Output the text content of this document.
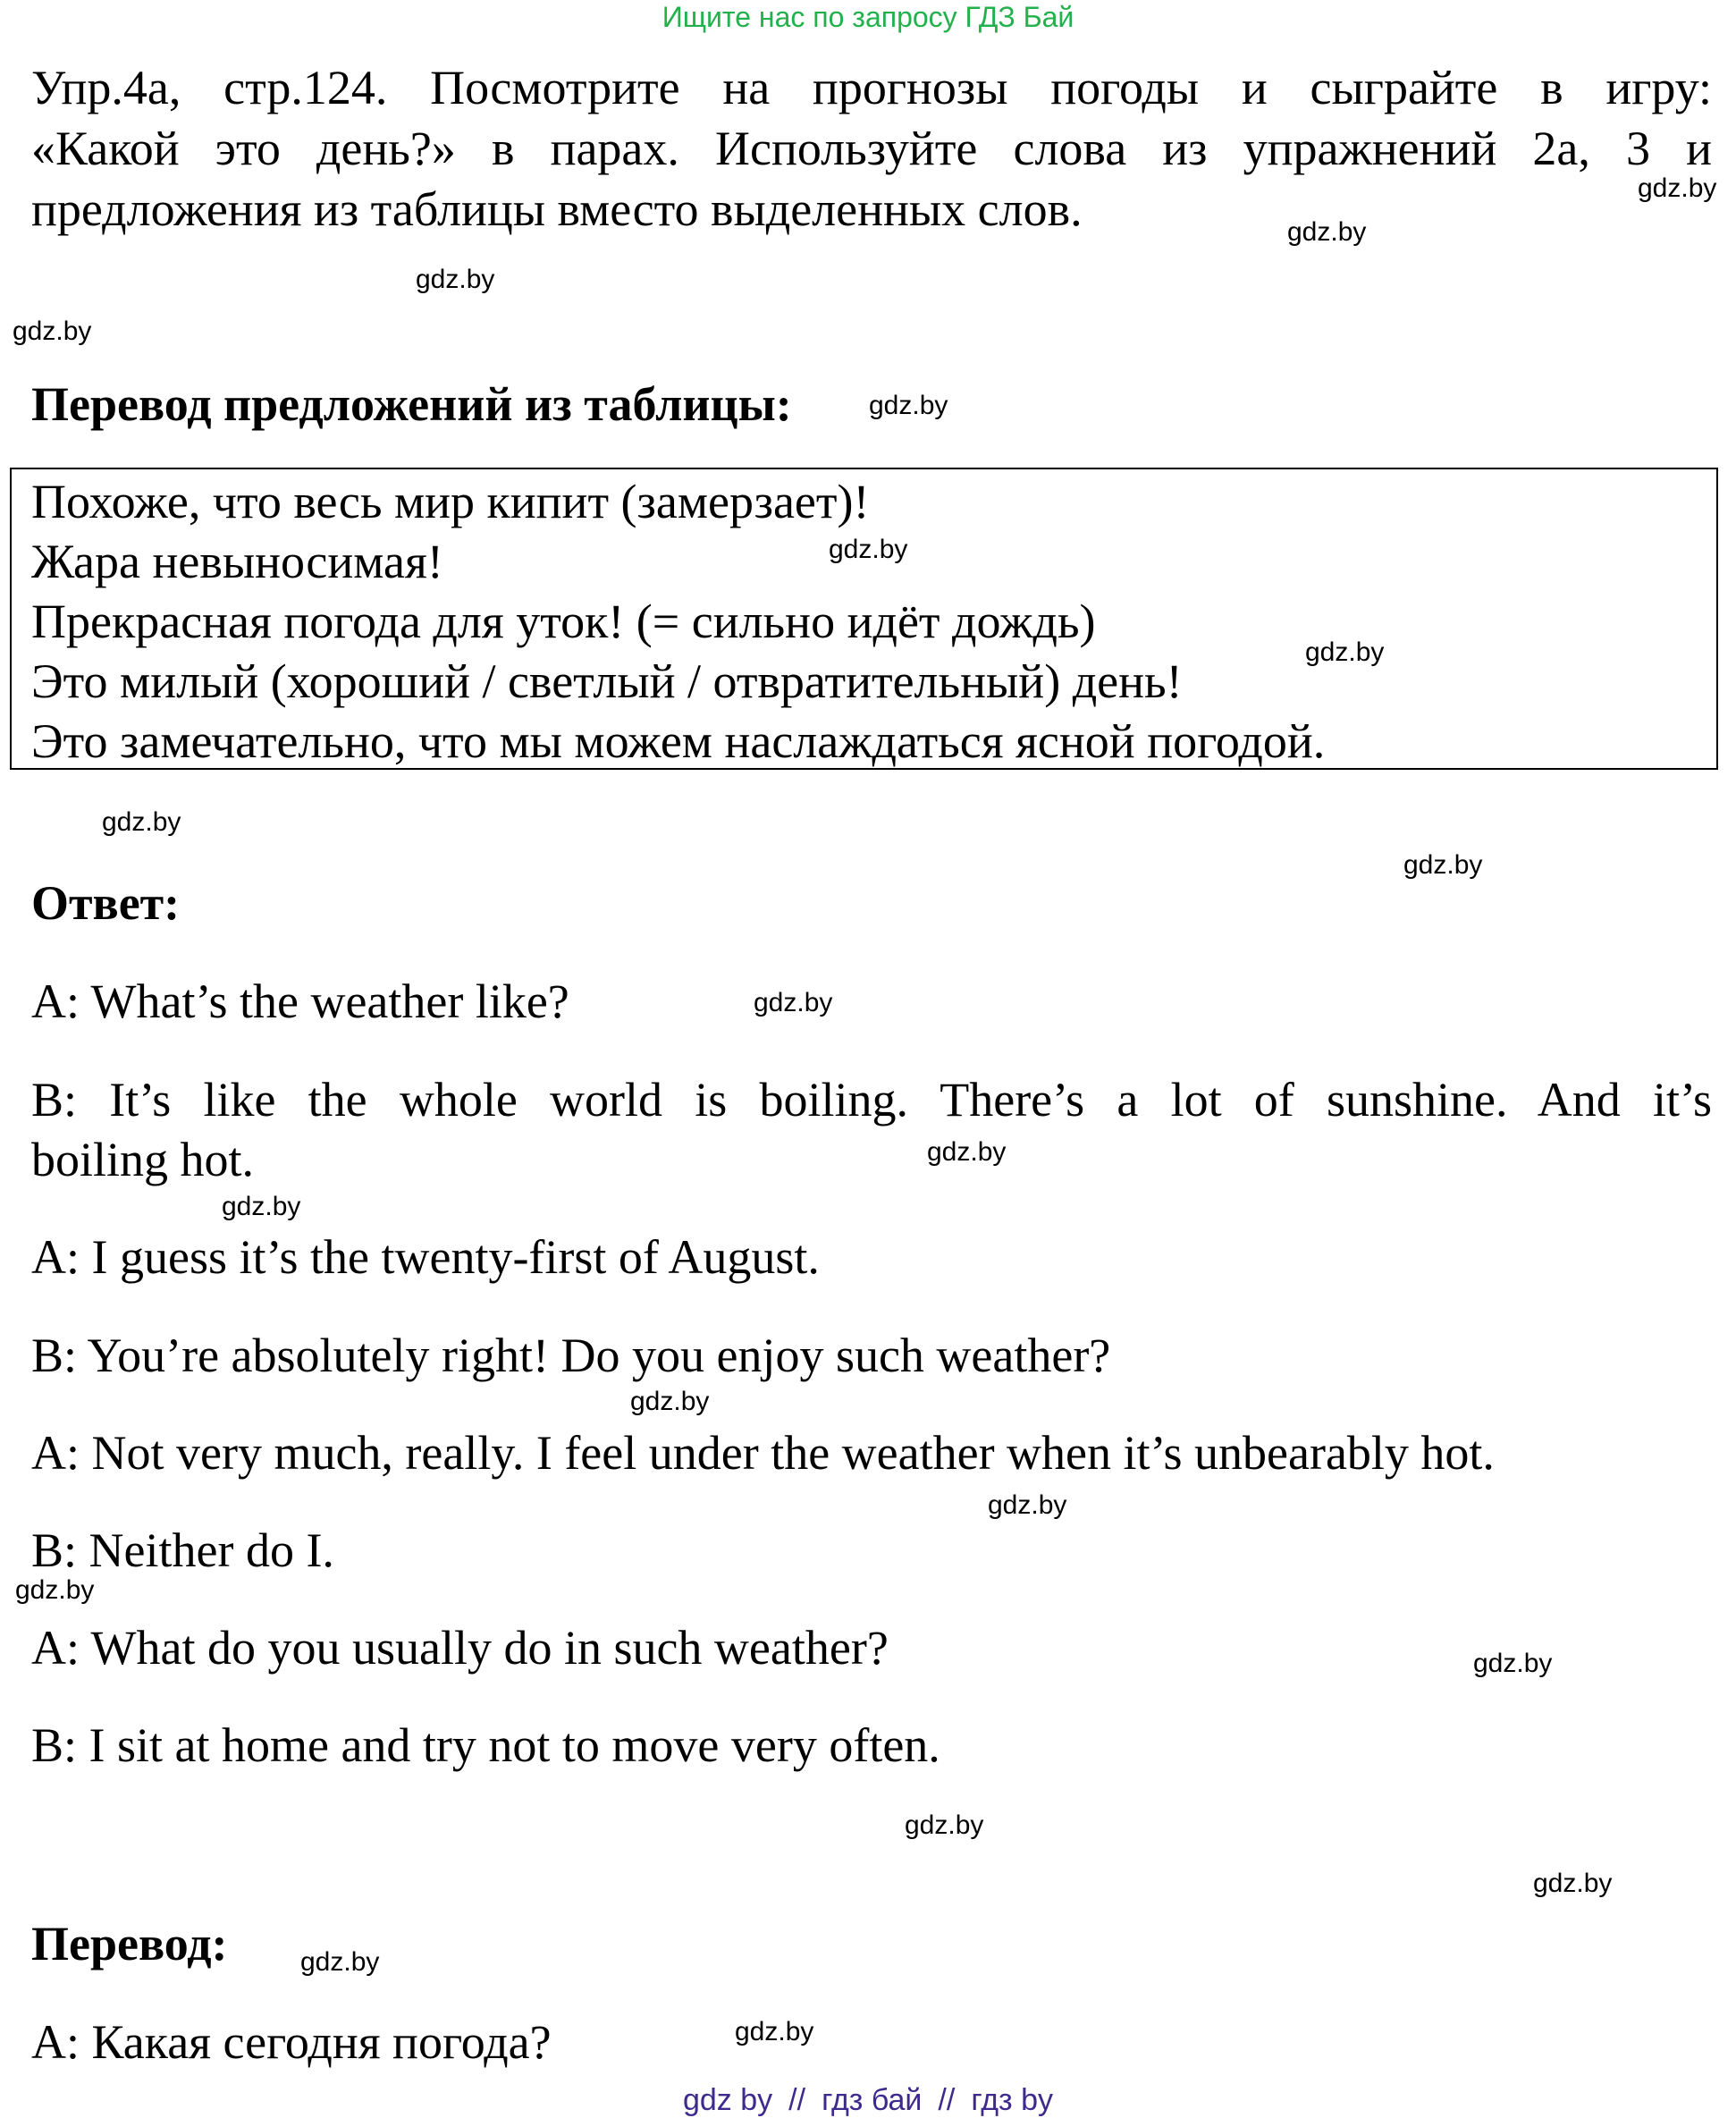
Ищите нас по запросу ГДЗ Бай
Упр.4а, стр.124. Посмотрите на прогнозы погоды и сыграйте в игру:
«Какой это день?» в парах. Используйте слова из упражнений 2a, 3 и
предложения из таблицы вместо выделенных слов.
Перевод предложений из таблицы:
Похоже, что весь мир кипит (замерзает)!
Жара невыносимая!
Прекрасная погода для уток! (= сильно идёт дождь)
Это милый (хороший / светлый / отвратительный) день!
Это замечательно, что мы можем наслаждаться ясной погодой.
Ответ:
A: What’s the weather like?
B: It’s like the whole world is boiling. There’s a lot of sunshine. And it’s
boiling hot.
A: I guess it’s the twenty-first of August.
B: You’re absolutely right! Do you enjoy such weather?
A: Not very much, really. I feel under the weather when it’s unbearably hot.
B: Neither do I.
A: What do you usually do in such weather?
B: I sit at home and try not to move very often.
Перевод:
A: Какая сегодня погода?
gdz.by
gdz.by
gdz.by
gdz.by
gdz.by
gdz.by
gdz.by
gdz.by
gdz.by
gdz.by
gdz.by
gdz.by
gdz.by
gdz.by
gdz.by
gdz.by
gdz.by
gdz.by
gdz.by
gdz.by
gdz by // гдз бай // гдз by
